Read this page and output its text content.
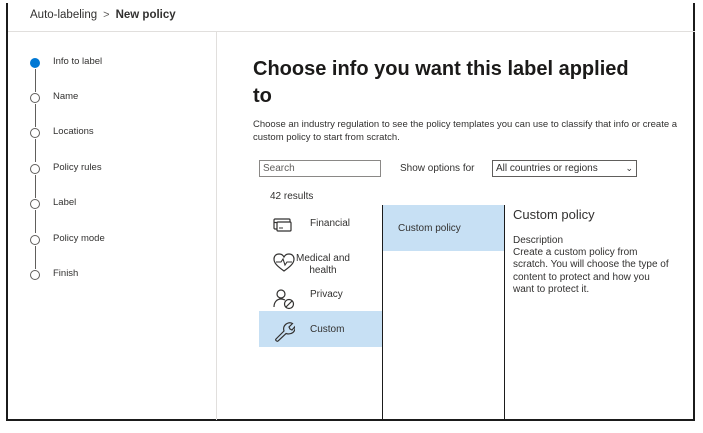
Auto-labeling > New policy
Info to label
Name
Locations
Policy rules
Label
Policy mode
Finish
Choose info you want this label applied to
Choose an industry regulation to see the policy templates you can use to classify that info or create a custom policy to start from scratch.
Search
Show options for All countries or regions	⌄
42 results
Financial
Medical and health
Privacy
Custom
Custom policy
Custom policy
Description
Create a custom policy from scratch. You will choose the type of content to protect and how you want to protect it.
